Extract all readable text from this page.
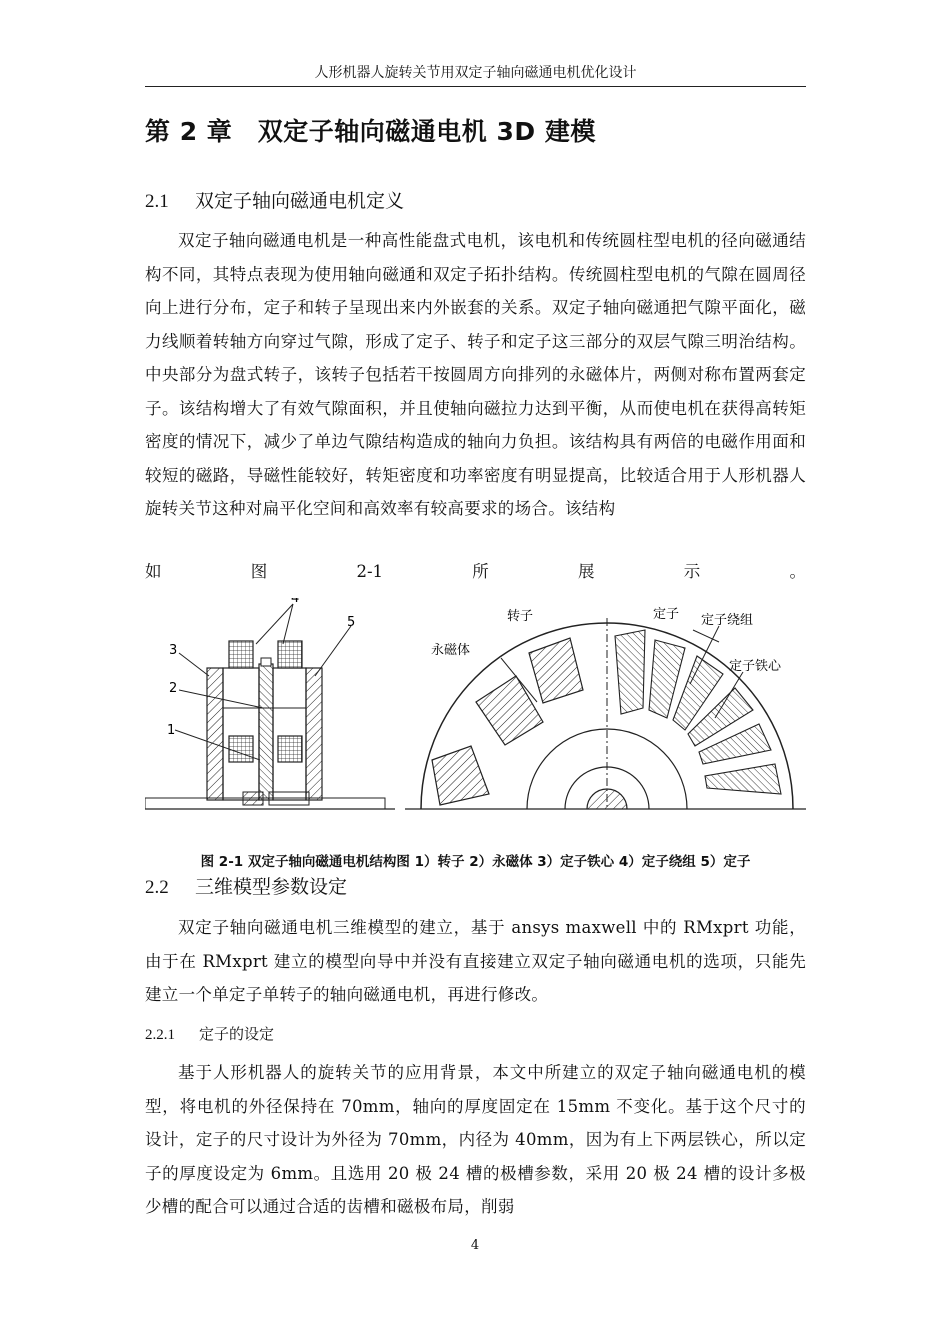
人形机器人旋转关节用双定子轴向磁通电机优化设计
第 2 章　双定子轴向磁通电机 3D 建模
2.1 双定子轴向磁通电机定义

双定子轴向磁通电机是一种高性能盘式电机，该电机和传统圆柱型电机的径向磁通结构不同，其特点表现为使用轴向磁通和双定子拓扑结构。传统圆柱型电机的气隙在圆周径向上进行分布，定子和转子呈现出来内外嵌套的关系。双定子轴向磁通把气隙平面化，磁力线顺着转轴方向穿过气隙，形成了定子、转子和定子这三部分的双层气隙三明治结构。中央部分为盘式转子，该转子包括若干按圆周方向排列的永磁体片，两侧对称布置两套定子。该结构增大了有效气隙面积，并且使轴向磁拉力达到平衡，从而使电机在获得高转矩密度的情况下，减少了单边气隙结构造成的轴向力负担。该结构具有两倍的电磁作用面和较短的磁路，导磁性能较好，转矩密度和功率密度有明显提高，比较适合用于人形机器人旋转关节这种对扁平化空间和高效率有较高要求的场合。该结构

如	图	2-1	所	展	示	。
4
3
2
1
5	转子
永磁体
定子 定子绕组
定子铁心
图 2-1 双定子轴向磁通电机结构图 1）转子 2）永磁体 3）定子铁心 4）定子绕组 5）定子
2.2 三维模型参数设定

双定子轴向磁通电机三维模型的建立，基于 ansys maxwell 中的 RMxprt 功能，由于在 RMxprt 建立的模型向导中并没有直接建立双定子轴向磁通电机的选项，只能先建立一个单定子单转子的轴向磁通电机，再进行修改。

2.2.1 定子的设定

基于人形机器人的旋转关节的应用背景，本文中所建立的双定子轴向磁通电机的模型，将电机的外径保持在 70mm，轴向的厚度固定在 15mm 不变化。基于这个尺寸的设计，定子的尺寸设计为外径为 70mm，内径为 40mm，因为有上下两层铁心，所以定子的厚度设定为 6mm。且选用 20 极 24 槽的极槽参数，采用 20 极 24 槽的设计多极少槽的配合可以通过合适的齿槽和磁极布局，削弱

4
